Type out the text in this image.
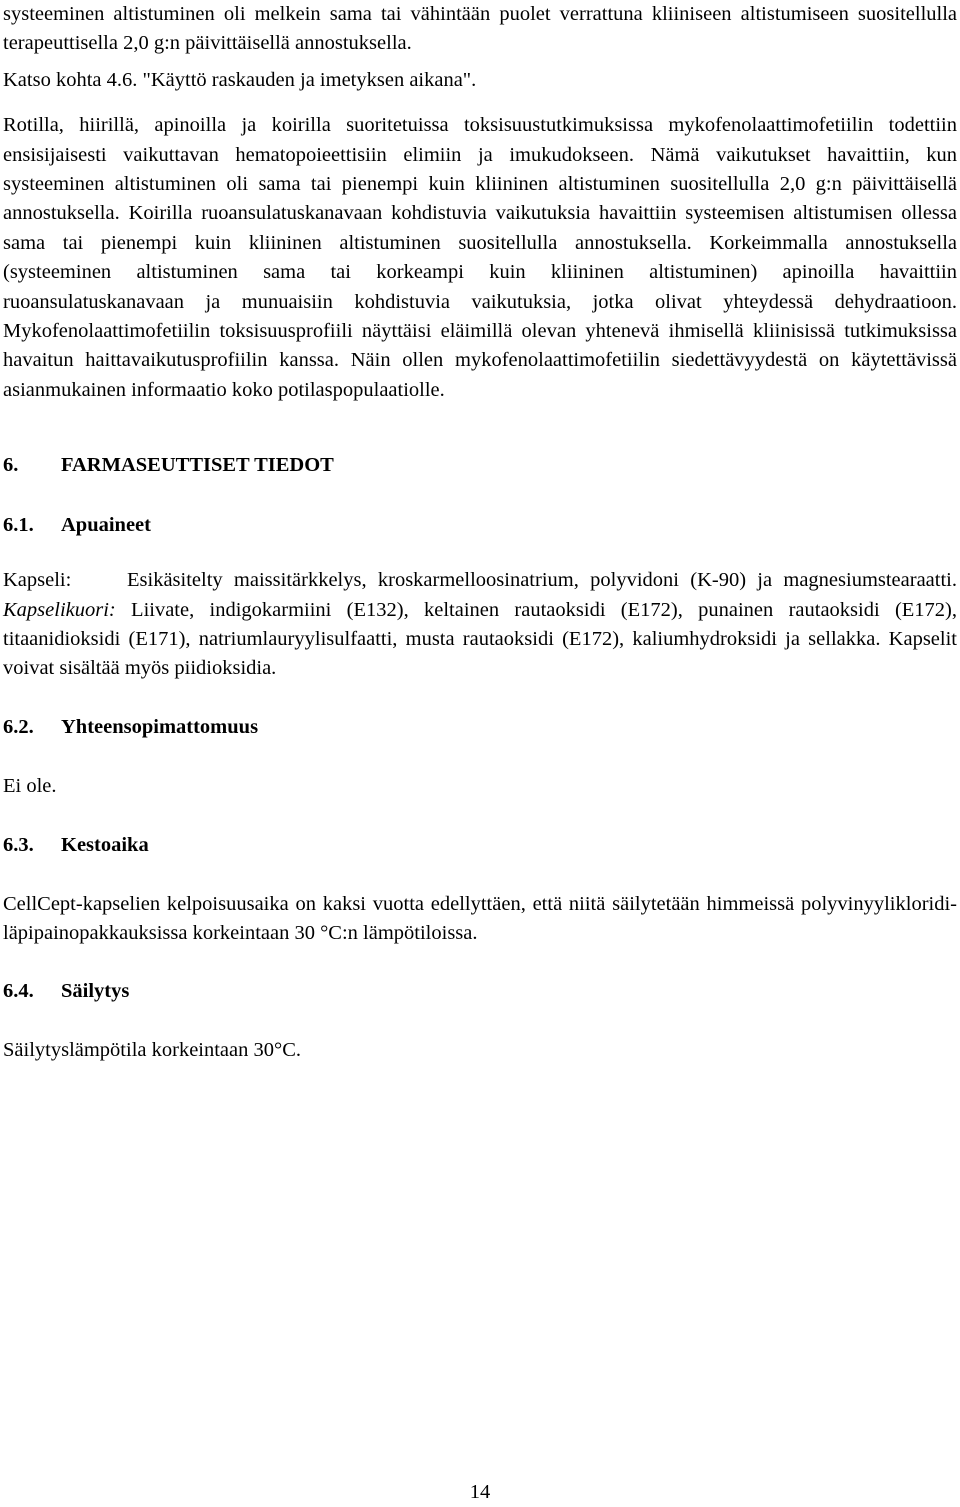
systeeminen altistuminen oli melkein sama tai vähintään puolet verrattuna kliiniseen altistumiseen suositellulla terapeuttisella 2,0 g:n päivittäisellä annostuksella.

Katso kohta 4.6. "Käyttö raskauden ja imetyksen aikana".

Rotilla, hiirillä, apinoilla ja koirilla suoritetuissa toksisuustutkimuksissa mykofenolaattimofetiilin todettiin ensisijaisesti vaikuttavan hematopoieettisiin elimiin ja imukudokseen. Nämä vaikutukset havaittiin, kun systeeminen altistuminen oli sama tai pienempi kuin kliininen altistuminen suositellulla 2,0 g:n päivittäisellä annostuksella. Koirilla ruoansulatuskanavaan kohdistuvia vaikutuksia havaittiin systeemisen altistumisen ollessa sama tai pienempi kuin kliininen altistuminen suositellulla annostuksella. Korkeimmalla annostuksella (systeeminen altistuminen sama tai korkeampi kuin kliininen altistuminen) apinoilla havaittiin ruoansulatuskanavaan ja munuaisiin kohdistuvia vaikutuksia, jotka olivat yhteydessä dehydraatioon. Mykofenolaattimofetiilin toksisuusprofiili näyttäisi eläimillä olevan yhtenevä ihmisellä kliinisissä tutkimuksissa havaitun haittavaikutusprofiilin kanssa. Näin ollen mykofenolaattimofetiilin siedettävyydestä on käytettävissä asianmukainen informaatio koko potilaspopulaatiolle.

6. FARMASEUTTISET TIEDOT
6.1. Apuaineet

Kapseli:	Esikäsitelty maissitärkkelys, kroskarmelloosinatrium, polyvidoni (K-90) ja magnesiumstearaatti. Kapselikuori: Liivate, indigokarmiini (E132), keltainen rautaoksidi (E172), punainen rautaoksidi (E172), titaanidioksidi (E171), natriumlauryylisulfaatti, musta rautaoksidi (E172), kaliumhydroksidi ja sellakka. Kapselit voivat sisältää myös piidioksidia.

6.2. Yhteensopimattomuus

Ei ole.

6.3. Kestoaika

CellCept-kapselien kelpoisuusaika on kaksi vuotta edellyttäen, että niitä säilytetään himmeissä polyvinyylikloridi-läpipainopakkauksissa korkeintaan 30 °C:n lämpötiloissa.

6.4. Säilytys

Säilytyslämpötila korkeintaan 30°C.

14
